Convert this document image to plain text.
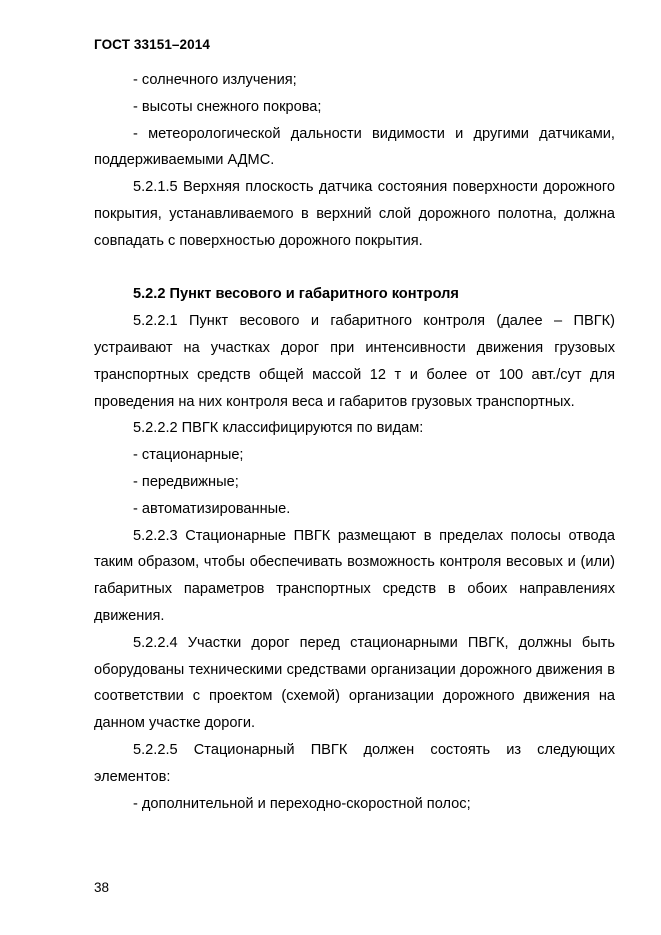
ГОСТ 33151–2014

- солнечного излучения;

- высоты снежного покрова;

- метеорологической дальности видимости и другими датчиками, поддерживаемыми АДМС.

5.2.1.5 Верхняя плоскость датчика состояния поверхности дорожного покрытия, устанавливаемого в верхний слой дорожного полотна, должна совпадать с поверхностью дорожного покрытия.

5.2.2 Пункт весового и габаритного контроля

5.2.2.1 Пункт весового и габаритного контроля (далее – ПВГК) устраивают на участках дорог при интенсивности движения грузовых транспортных средств общей массой 12 т и более от 100 авт./сут для проведения на них контроля веса и габаритов грузовых транспортных.

5.2.2.2 ПВГК классифицируются по видам:

- стационарные;

- передвижные;

- автоматизированные.

5.2.2.3 Стационарные ПВГК размещают в пределах полосы отвода таким образом, чтобы обеспечивать возможность контроля весовых и (или) габаритных параметров транспортных средств в обоих направлениях движения.

5.2.2.4 Участки дорог перед стационарными ПВГК, должны быть оборудованы техническими средствами организации дорожного движения в соответствии с проектом (схемой) организации дорожного движения на данном участке дороги.

5.2.2.5 Стационарный ПВГК должен состоять из следующих элементов:

- дополнительной и переходно-скоростной полос;

38
